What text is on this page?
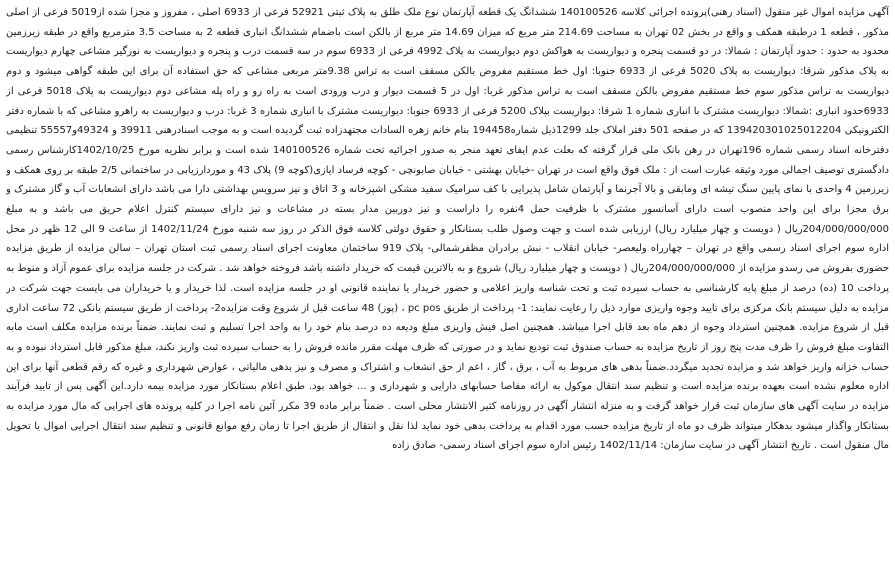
آگهی مزایده اموال غیر منقول (اسناد رهنی)پرونده اجرائی کلاسه 140100526 ششدانگ یک قطعه آپارتمان نوع ملک طلق به پلاک ثبتی 52921 فرعی از 6933 اصلی ، مفروز و مجزا شده از5019 فرعی از اصلی مذکور ، قطعه 1 درطبقه همکف و واقع در بخش 02 تهران به مساحت 214.69 متر مربع که میزان 14.69 متر مربع از بالکن است باضمام ششدانگ انباری قطعه 2 به مساحت 3.5 مترمربع واقع در طبقه زیرزمین محدود به حدود : حدود آپارتمان : شمالا: در دو قسمت پنجره و دیواریست به هواکش دوم دیواریست به پلاک 4992 فرعی از 6933 سوم در سه قسمت درب و پنجره و دیواریست به نورگیر مشاعی چهارم دیواریست به پلاک مذکور شرقا: دیواریست به پلاک 5020 فرعی از 6933 جنوبا: اول خط مستقیم مفروض بالکن مسقف است به تراس 9.38متر مربعی مشاعی که حق استفاده آن برای این طبقه گواهی میشود و دوم دیواریست به تراس مذکور سوم خط مستقیم مفروض بالکن مسقف است به تراس مذکور غربا: اول در 5 قسمت دیوار و درب ورودی است به راه رو و راه پله مشاعی دوم دیواریست به پلاک 5018 فرعی از 6933حدود انباری :شمالا: دیواریست مشترک با انباری شماره 1 شرقا: دیواریست بپلاک 5200 فرعی از 6933 جنوبا: دیواریست مشترک با انباری شماره 3 غربا: درب و دیواریست به راهرو مشاعی که با شماره دفتر الکترونیکی 139420301025012204 که در صفحه 501 دفتر املاک جلد 1299ذیل شماره194458 بنام خانم زهره السادات مجتهدزاده ثبت گردیده است و به موجب اسنادرهنی 39911 و 49324و55557 تنظیمی دفترخانه اسناد رسمی شماره 196تهران در رهن بانک ملی قرار گرفته که بعلت عدم ایفای تعهد منجر به صدور اجرائیه تحت شماره 140100526 شده است و برابر نظریه مورخ 1402/10/25کارشناس رسمی دادگستری توصیف اجمالی مورد وثیقه عبارت است از : ملک فوق واقع است در تهران -خیابان بهشتی - خیابان صابونچی - کوچه فرساد ایازی(کوچه 9) پلاک 43 و موردارزیابی در ساختمانی 2/5 طبقه بر روی همکف و زیرزمین 4 واحدی با نمای پایین سنگ تیشه ای ومابقی و بالا آجرنما و آپارتمان شامل پذیرایی با کف سرامیک سفید مشکی اشپزخانه و 3 اتاق و نیز سرویس بهداشتی دارا می باشد دارای انشعابات آب و گاز مشترک و برق مجزا برای این واحد منصوب است دارای آسانسور مشترک با ظرفیت حمل 4نفره را داراست و نیز دوربین مدار بسته در مشاعات و نیز دارای سیستم کنترل اعلام حریق می باشد و به مبلغ 204/000/000/000ریال ( دویست و چهار میلیارد ریال) ارزیابی شده است و جهت وصول طلب بستانکار و حقوق دولتی کلاسه فوق الذکر در روز سه شنبه مورخ 1402/11/24 از ساعت 9 الی 12 ظهر در محل اداره سوم اجرای اسناد رسمی واقع در تهران – چهارراه ولیعصر- خیابان انقلاب - نبش برادران مظفرشمالی- پلاک 919 ساختمان معاونت اجرای اسناد رسمی ثبت استان تهران – سالن مزایده از طریق مزایده حضوری بفروش می رسدو مزایده از 204/000/000/000ریال ( دویست و چهار میلیارد ریال) شروع و به بالاترین قیمت که خریدار داشته باشد فروخته خواهد شد . شرکت در جلسه مزایده برای عموم آزاد و منوط به پرداخت 10 (ده) درصد از مبلغ پایه کارشناسی به حساب سپرده ثبت و تحت شناسه واریز اعلامی و حضور خریدار یا نماینده قانونی او در جلسه مزایده است. لذا خریدار و یا خریداران می بایست جهت شرکت در مزایده به دلیل سیستم بانک مرکزی برای تایید وجوه واریزی موارد ذیل را رعایت نمایند: 1- پرداخت از طریق pc pos ، (پوز) 48 ساعت قبل از شروع وقت مزایده2- پرداخت از طریق سیستم بانکی 72 ساعت اداری قبل از شروع مزایده. همچنین استرداد وجوه از دهم ماه بعد قابل اجرا میباشد. همچنین اصل فیش واریزی مبلغ ودیعه ده درصد بنام خود را به واحد اجرا تسلیم و ثبت نمایند. ضمناً برنده مزایده مکلف است مابه التفاوت مبلغ فروش را ظرف مدت پنج روز از تاریخ مزایده به حساب صندوق ثبت تودیع نماید و در صورتی که ظرف مهلت مقرر مانده فروش را به حساب سپرده ثبت واریز نکند، مبلغ مذکور قابل استرداد نبوده و به حساب خزانه واریز خواهد شد و مزایده تجدید میگردد.ضمناً بدهی های مربوط به آب ، برق ، گاز ، اعم از حق انشعاب و اشتراک و مصرف و نیز بدهی مالیاتی ، عوارض شهرداری و غیره که رقم قطعی آنها برای این اداره معلوم نشده است بعهده برنده مزایده است و تنظیم سند انتقال موکول به ارائه مفاصا حسابهای دارایی و شهرداری و ... خواهد بود. طبق اعلام بستانکار مورد مزایده بیمه دارد.این آگهی پس از تایید فرآیند مزایده در سایت آگهی های سازمان ثبت قرار خواهد گرفت و به منزله انتشار آگهی در روزنامه کثیر الانتشار محلی است . ضمناً برابر ماده 39 مکرر آئین نامه اجرا در کلیه پرونده های اجرایی که مال مورد مزایده به بستانکار واگذار میشود بدهکار میتواند ظرف دو ماه از تاریخ مزایده حسب مورد اقدام به پرداخت بدهی خود نماید لذا نقل و انتقال از طریق اجرا تا زمان رفع موانع قانونی و تنظیم سند انتقال اجرایی اموال یا تحویل مال منقول است . تاریخ انتشار آگهی در سایت سازمان: 1402/11/14 رئیس اداره سوم اجرای اسناد رسمی- صادق زاده
